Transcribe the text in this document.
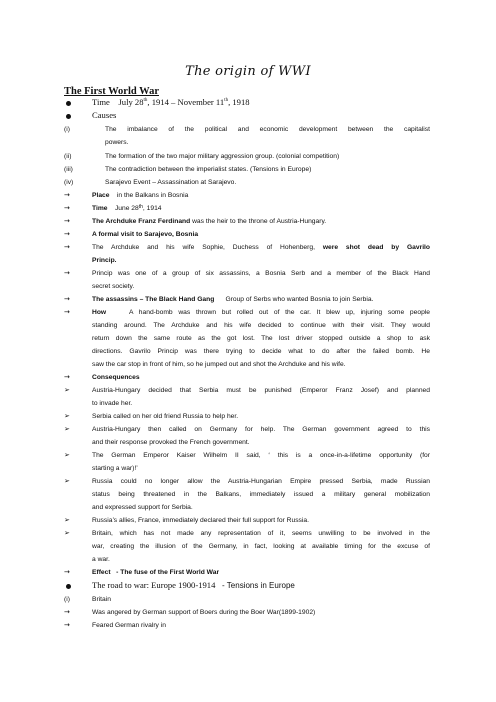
The origin of WWI
The First World War
Time July 28th, 1914 – November 11th, 1918
Causes
(i)	The imbalance of the political and economic development between the capitalist
powers.
(ii)	The formation of the two major military aggression group. (colonial competition)
(iii)	The contradiction between the imperialist states. (Tensions in Europe)
(iv)	Sarajevo Event – Assassination at Sarajevo.
→	Place in the Balkans in Bosnia
→	Time June 28th, 1914
→	The Archduke Franz Ferdinand was the heir to the throne of Austria-Hungary.
→	A formal visit to Sarajevo, Bosnia
→	The Archduke and his wife Sophie, Duchess of Hohenberg, were shot dead by Gavrilo
Princip.
→	Princip was one of a group of six assassins, a Bosnia Serb and a member of the Black Hand
secret society.
→	The assassins – The Black Hand Gang Group of Serbs who wanted Bosnia to join Serbia.
→	How	A hand-bomb was thrown but rolled out of the car. It blew up, injuring some people
standing around. The Archduke and his wife decided to continue with their visit. They would
return down the same route as the got lost. The lost driver stopped outside a shop to ask
directions. Gavrilo Princip was there trying to decide what to do after the failed bomb. He
saw the car stop in front of him, so he jumped out and shot the Archduke and his wife.
→	Consequences
➢	Austria-Hungary decided that Serbia must be punished (Emperor Franz Josef) and planned
to invade her.
➢	Serbia called on her old friend Russia to help her.
➢	Austria-Hungary then called on Germany for help. The German government agreed to this
and their response provoked the French government.
➢	The German Emperor Kaiser Wilhelm II said, ‘ this is a once-in-a-lifetime opportunity (for
starting a war)!’
➢	Russia could no longer allow the Austria-Hungarian Empire pressed Serbia, made Russian
status being threatened in the Balkans, immediately issued a military general mobilization
and expressed support for Serbia.
➢	Russia’s allies, France, immediately declared their full support for Russia.
➢	Britain, which has not made any representation of it, seems unwilling to be involved in the
war, creating the illusion of the Germany, in fact, looking at available timing for the excuse of
a war.
→	Effect   - The fuse of the First World War
The road to war: Europe 1900-1914   - Tensions in Europe
(i)	Britain
→	Was angered by German support of Boers during the Boer War(1899-1902)
→	Feared German rivalry in
